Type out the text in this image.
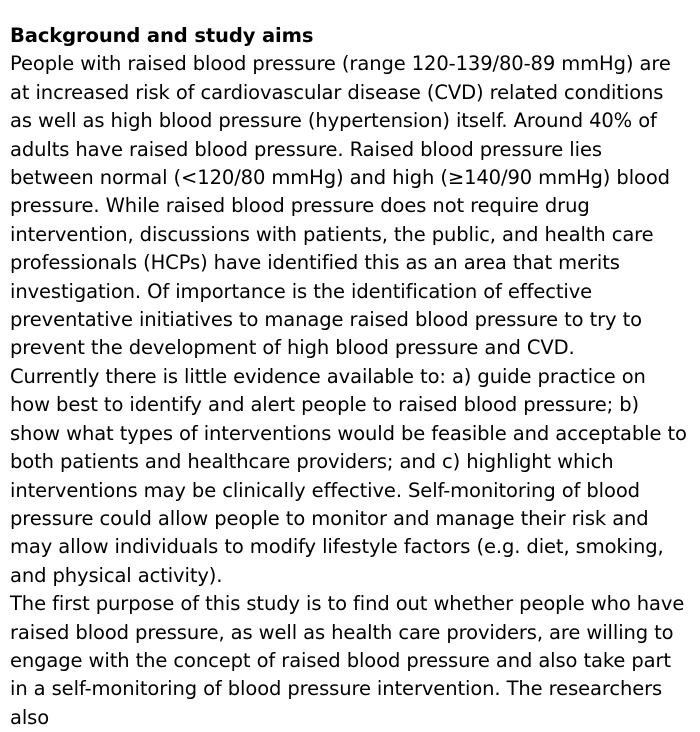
Background and study aims

People with raised blood pressure (range 120-139/80-89 mmHg) are at increased risk of cardiovascular disease (CVD) related conditions as well as high blood pressure (hypertension) itself. Around 40% of adults have raised blood pressure. Raised blood pressure lies between normal (<120/80 mmHg) and high (≥140/90 mmHg) blood pressure. While raised blood pressure does not require drug intervention, discussions with patients, the public, and health care professionals (HCPs) have identified this as an area that merits investigation. Of importance is the identification of effective preventative initiatives to manage raised blood pressure to try to prevent the development of high blood pressure and CVD.

Currently there is little evidence available to: a) guide practice on how best to identify and alert people to raised blood pressure; b) show what types of interventions would be feasible and acceptable to both patients and healthcare providers; and c) highlight which interventions may be clinically effective. Self-monitoring of blood pressure could allow people to monitor and manage their risk and may allow individuals to modify lifestyle factors (e.g. diet, smoking, and physical activity).

The first purpose of this study is to find out whether people who have raised blood pressure, as well as health care providers, are willing to engage with the concept of raised blood pressure and also take part in a self-monitoring of blood pressure intervention. The researchers also
